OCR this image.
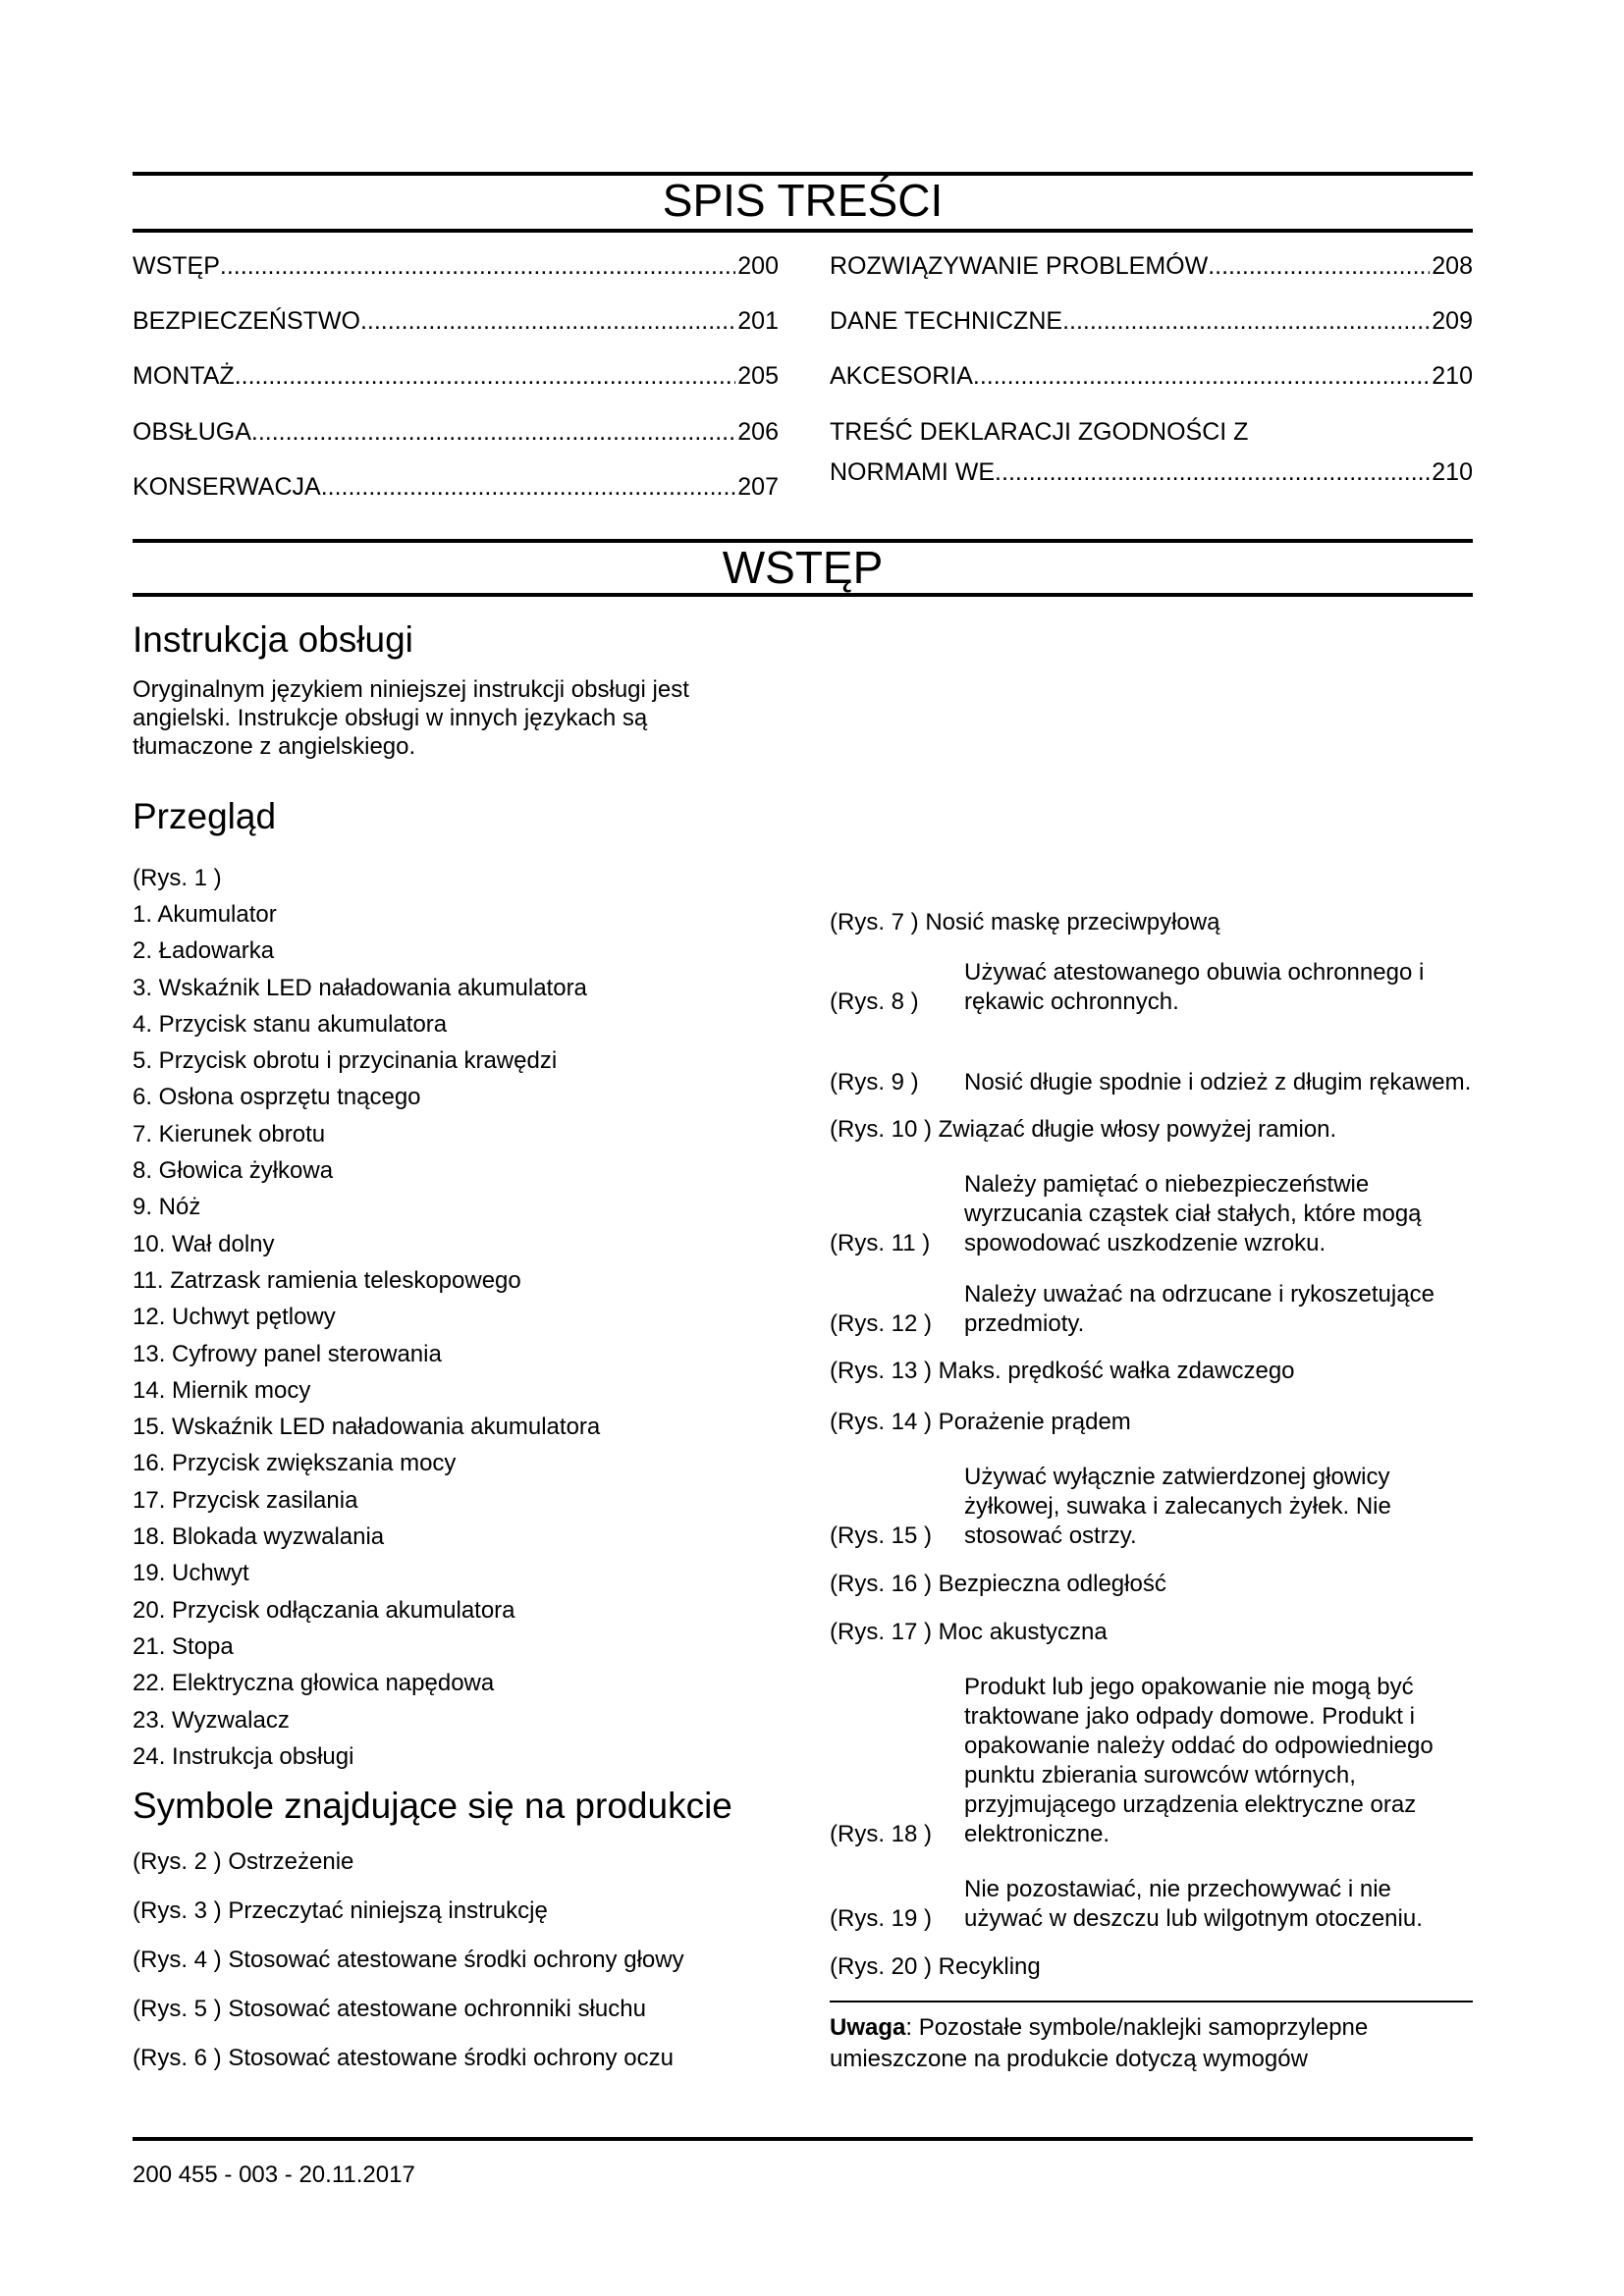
SPIS TREŚCI
WSTĘP .....	200
BEZPIECZEŃSTWO .....	201
MONTAŻ .....	205
OBSŁUGA .....	206
KONSERWACJA .....	207
ROZWIĄZYWANIE PROBLEMÓW .....	208
DANE TECHNICZNE .....	209
AKCESORIA .....	210
TREŚĆ DEKLARACJI ZGODNOŚCI Z
NORMAMI WE .....	210
WSTĘP
Instrukcja obsługi
Oryginalnym językiem niniejszej instrukcji obsługi jest angielski. Instrukcje obsługi w innych językach są tłumaczone z angielskiego.
Przegląd
(Rys. 1 )
1. Akumulator
2. Ładowarka
3. Wskaźnik LED naładowania akumulatora
4. Przycisk stanu akumulatora
5. Przycisk obrotu i przycinania krawędzi
6. Osłona osprzętu tnącego
7. Kierunek obrotu
8. Głowica żyłkowa
9. Nóż
10. Wał dolny
11. Zatrzask ramienia teleskopowego
12. Uchwyt pętlowy
13. Cyfrowy panel sterowania
14. Miernik mocy
15. Wskaźnik LED naładowania akumulatora
16. Przycisk zwiększania mocy
17. Przycisk zasilania
18. Blokada wyzwalania
19. Uchwyt
20. Przycisk odłączania akumulatora
21. Stopa
22. Elektryczna głowica napędowa
23. Wyzwalacz
24. Instrukcja obsługi
Symbole znajdujące się na produkcie
(Rys. 2 ) Ostrzeżenie
(Rys. 3 ) Przeczytać niniejszą instrukcję
(Rys. 4 ) Stosować atestowane środki ochrony głowy
(Rys. 5 ) Stosować atestowane ochronniki słuchu
(Rys. 6 ) Stosować atestowane środki ochrony oczu
(Rys. 7 ) Nosić maskę przeciwpyłową
(Rys. 8 )
Używać atestowanego obuwia ochronnego i rękawic ochronnych.
(Rys. 9 ) Nosić długie spodnie i odzież z długim rękawem.
(Rys. 10 ) Związać długie włosy powyżej ramion.
(Rys. 11 )
Należy pamiętać o niebezpieczeństwie wyrzucania cząstek ciał stałych, które mogą spowodować uszkodzenie wzroku.
(Rys. 12 )
Należy uważać na odrzucane i rykoszetujące przedmioty.
(Rys. 13 ) Maks. prędkość wałka zdawczego
(Rys. 14 ) Porażenie prądem
(Rys. 15 )
Używać wyłącznie zatwierdzonej głowicy żyłkowej, suwaka i zalecanych żyłek. Nie stosować ostrzy.
(Rys. 16 ) Bezpieczna odległość
(Rys. 17 ) Moc akustyczna
(Rys. 18 )
Produkt lub jego opakowanie nie mogą być traktowane jako odpady domowe. Produkt i opakowanie należy oddać do odpowiedniego punktu zbierania surowców wtórnych, przyjmującego urządzenia elektryczne oraz elektroniczne.
(Rys. 19 )
Nie pozostawiać, nie przechowywać i nie używać w deszczu lub wilgotnym otoczeniu.
(Rys. 20 ) Recykling
Uwaga: Pozostałe symbole/naklejki samoprzylepne umieszczone na produkcie dotyczą wymogów
200 455 - 003 - 20.11.2017
